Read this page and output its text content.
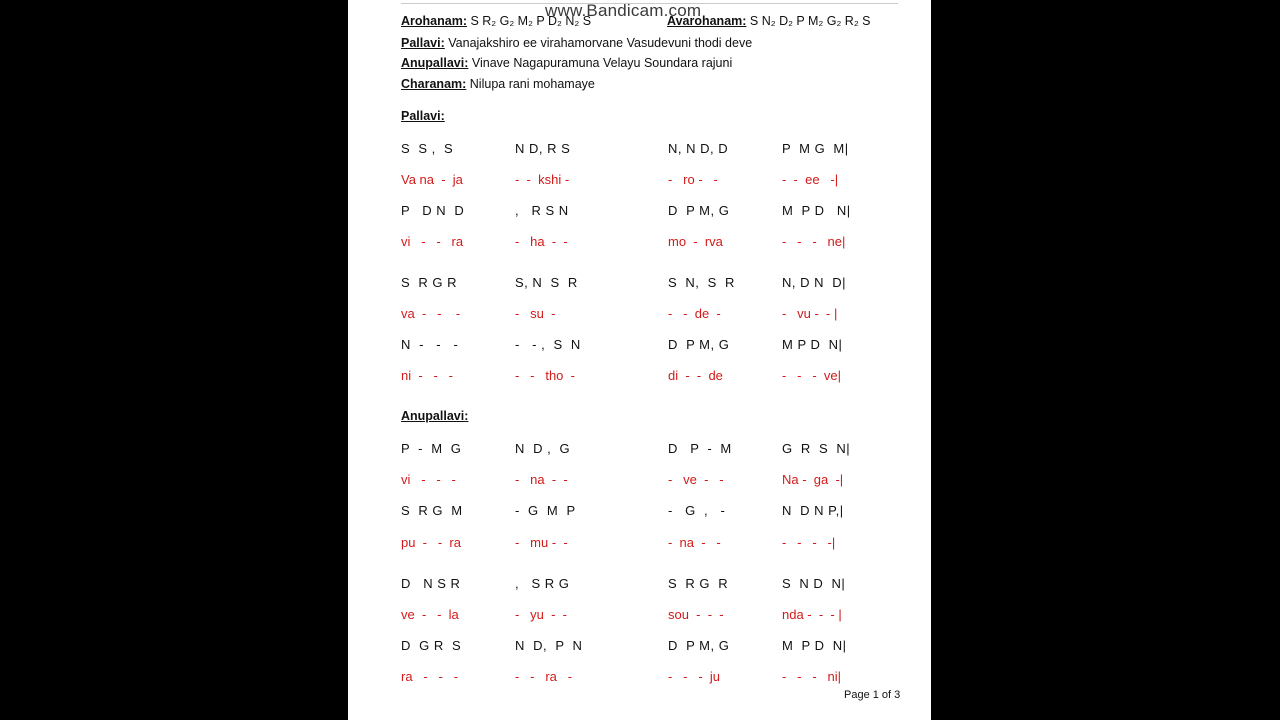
Arohanam: S R₂ G₂ M₂ P D₂ N₂ S	Avarohanam: S N₂ D₂ P M₂ G₂ R₂ S
www.Bandicam.com
Pallavi: Vanajakshiro ee virahamorvane Vasudevuni thodi deve
Anupallavi: Vinave Nagapuramuna Velayu Soundara rajuni
Charanam: Nilupa rani mohamaye
Pallavi:
S  S ,  S	N D, R S	N, N D, D	P  M G  M|
Va na  -  ja	-  -  kshi -	-   ro -   -	-  -  ee   -|
P   D N  D	,   R S N	D  P M, G	M  P D   N|
vi   -   -   ra	-   ha  -  -	mo  -  rva	-   -   -   ne|
S  R G R	S, N  S  R	S  N,  S  R	N, D N  D|
va  -   -    -	-   su  -	-   -  de  -	-   vu -  - |
N  -   -   -	-   - ,  S  N	D  P M, G	M P D  N|
ni  -   -   -	-   -   tho  -	di  -  -  de	-   -   -  ve|
Anupallavi:
P  -  M  G	N  D ,  G	D   P  -  M	G  R  S  N|
vi   -   -   -	-   na  -  -	-   ve  -   -	Na -  ga  -|
S  R G  M	-  G  M  P	-   G  ,   -	N  D N P,|
pu  -   -  ra	-   mu -  -	-  na  -   -	-   -   -   -|
D   N S R	,   S R G	S  R G  R	S  N D  N|
ve  -   -  la	-   yu  -  -	sou  -  -  -	nda -  -  - |
D  G R  S	N  D,  P  N	D  P M, G	M  P D  N|
ra   -   -   -	-   -   ra   -	-   -   -  ju	-   -   -   ni|
Page 1 of 3
